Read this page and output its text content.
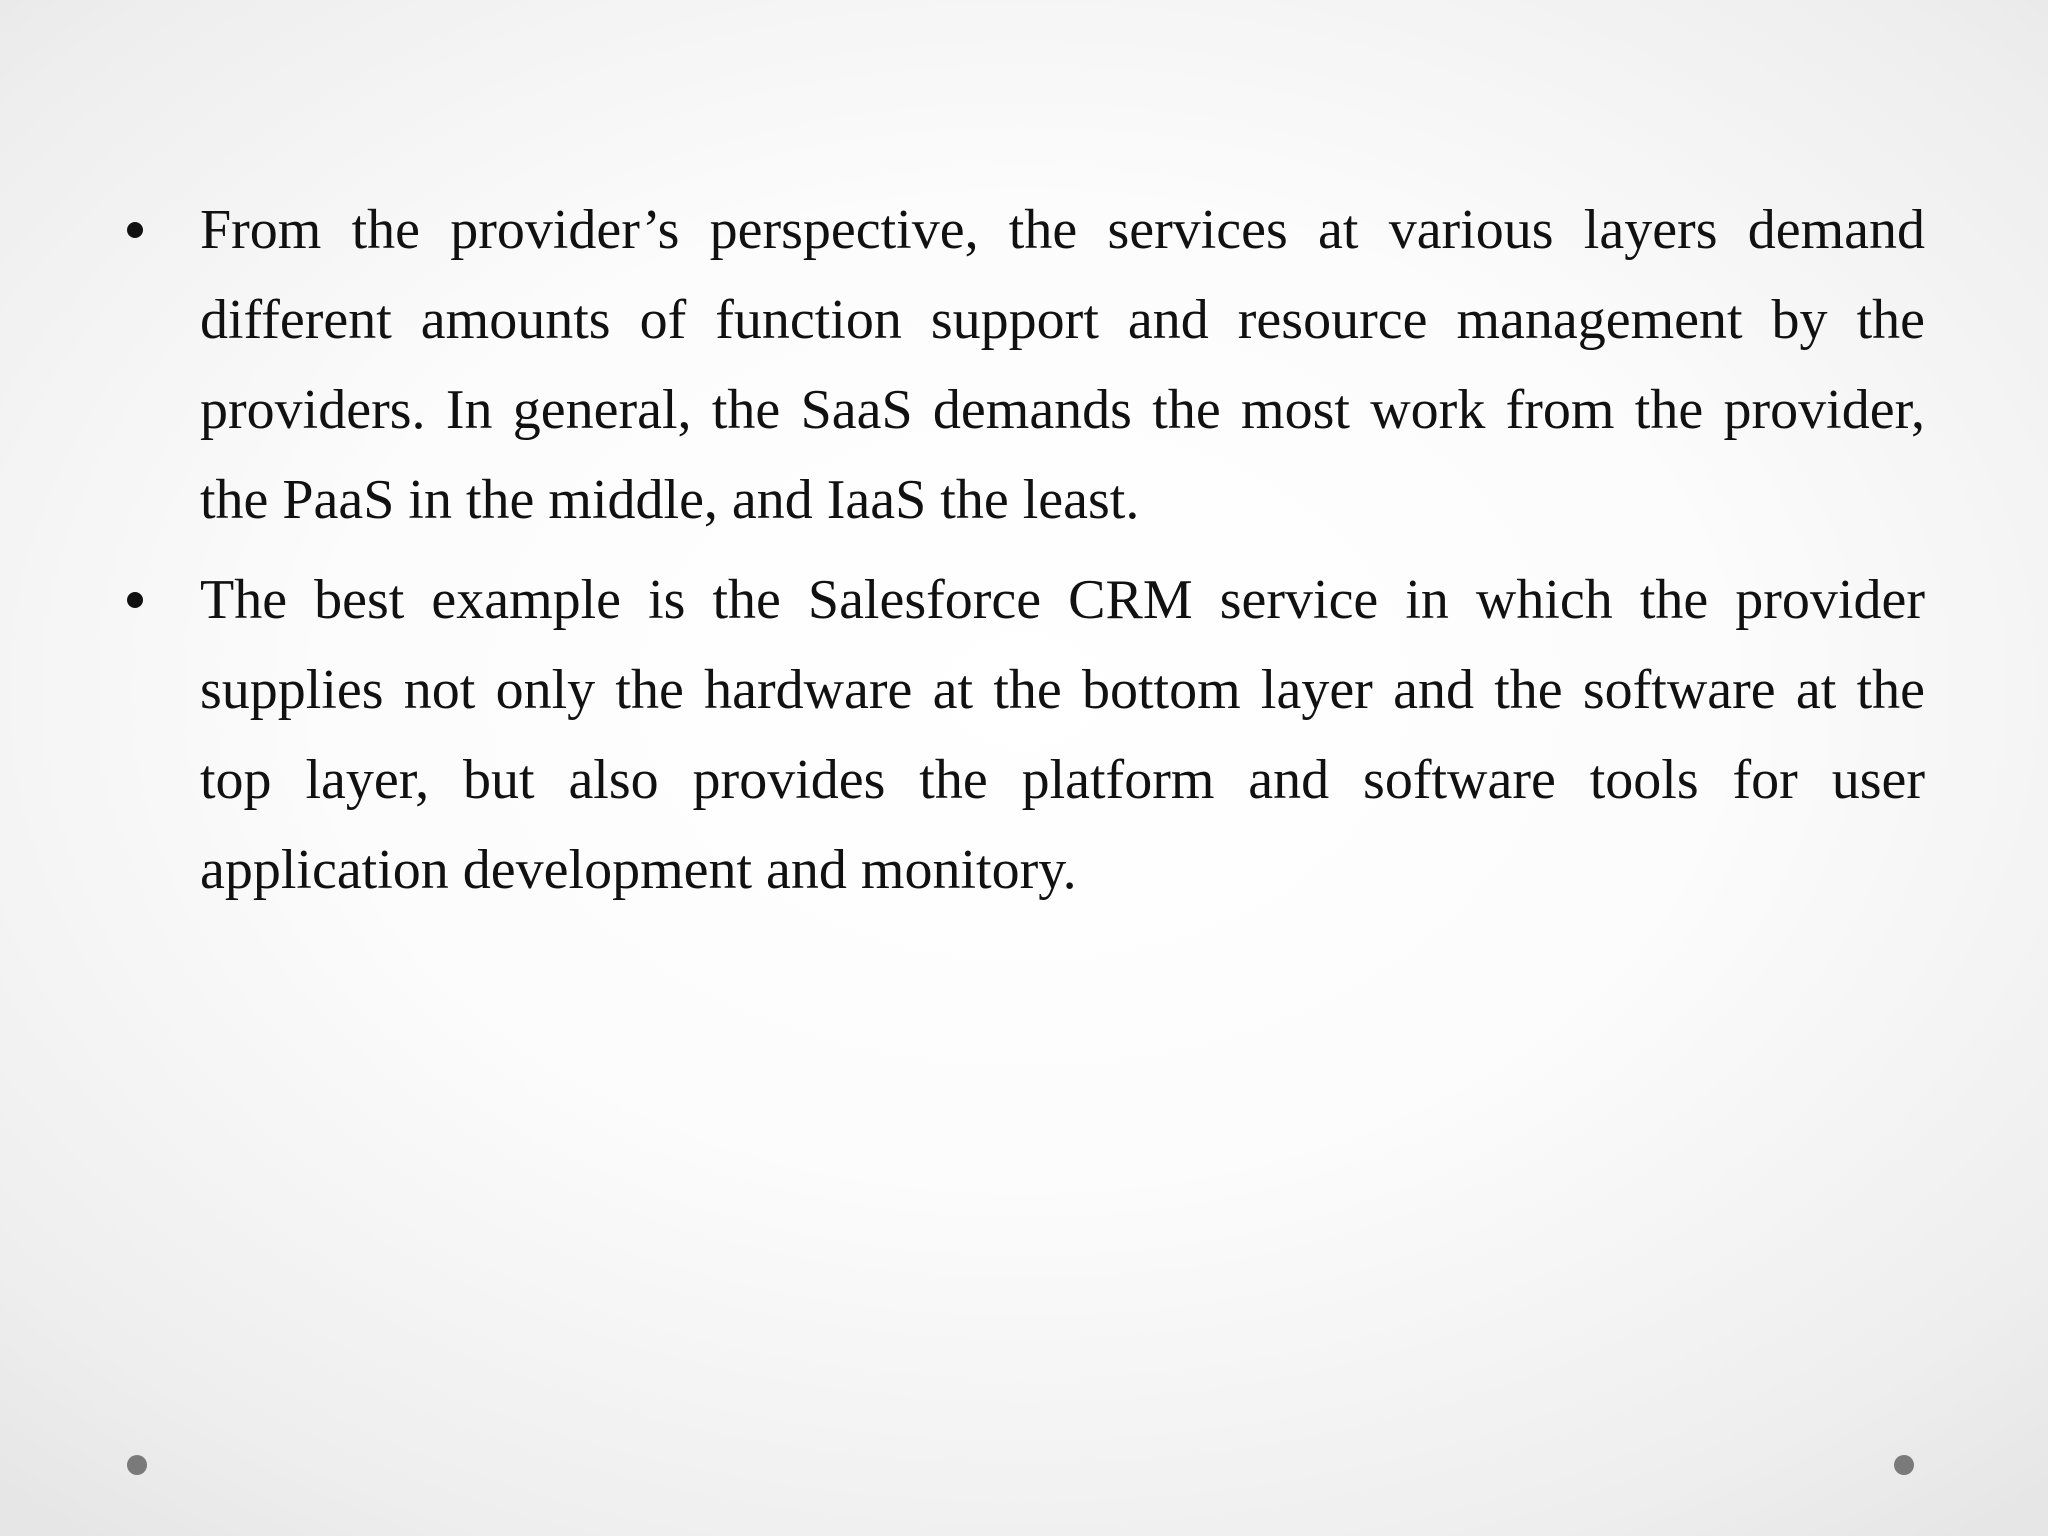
From the provider’s perspective, the services at various layers demand different amounts of function support and resource management by the providers. In general, the SaaS demands the most work from the provider, the PaaS in the middle, and IaaS the least.
The best example is the Salesforce CRM service in which the provider supplies not only the hardware at the bottom layer and the software at the top layer, but also provides the platform and software tools for user application development and monitory.
